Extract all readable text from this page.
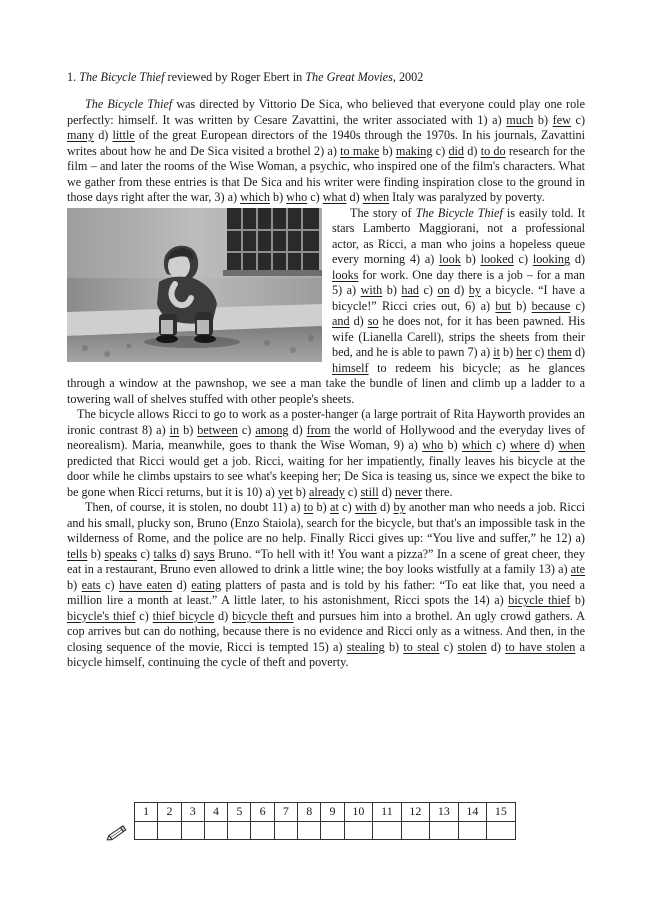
1. The Bicycle Thief reviewed by Roger Ebert in The Great Movies, 2002

The Bicycle Thief was directed by Vittorio De Sica, who believed that everyone could play one role perfectly: himself. It was written by Cesare Zavattini, the writer associated with 1) a) much b) few c) many d) little of the great European directors of the 1940s through the 1970s. In his journals, Zavattini writes about how he and De Sica visited a brothel 2) a) to make b) making c) did d) to do research for the film – and later the rooms of the Wise Woman, a psychic, who inspired one of the film's characters. What we gather from these entries is that De Sica and his writer were finding inspiration close to the ground in those days right after the war, 3) a) which b) who c) what d) when Italy was paralyzed by poverty.

The story of The Bicycle Thief is easily told. It stars Lamberto Maggiorani, not a professional actor, as Ricci, a man who joins a hopeless queue every morning 4) a) look b) looked c) looking d) looks for work. One day there is a job – for a man 5) a) with b) had c) on d) by a bicycle. “I have a bicycle!” Ricci cries out, 6) a) but b) because c) and d) so he does not, for it has been pawned. His wife (Lianella Carell), strips the sheets from their bed, and he is able to pawn 7) a) it b) her c) them d) himself to redeem his bicycle; as he glances through a window at the pawnshop, we see a man take the bundle of linen and climb up a ladder to a towering wall of shelves stuffed with other people's sheets.

The bicycle allows Ricci to go to work as a poster-hanger (a large portrait of Rita Hayworth provides an ironic contrast 8) a) in b) between c) among d) from the world of Hollywood and the everyday lives of neorealism). Maria, meanwhile, goes to thank the Wise Woman, 9) a) who b) which c) where d) when predicted that Ricci would get a job. Ricci, waiting for her impatiently, finally leaves his bicycle at the door while he climbs upstairs to see what's keeping her; De Sica is teasing us, since we expect the bike to be gone when Ricci returns, but it is 10) a) yet b) already c) still d) never there.

Then, of course, it is stolen, no doubt 11) a) to b) at c) with d) by another man who needs a job. Ricci and his small, plucky son, Bruno (Enzo Staiola), search for the bicycle, but that's an impossible task in the wilderness of Rome, and the police are no help. Finally Ricci gives up: “You live and suffer,” he 12) a) tells b) speaks c) talks d) says Bruno. “To hell with it! You want a pizza?” In a scene of great cheer, they eat in a restaurant, Bruno even allowed to drink a little wine; the boy looks wistfully at a family 13) a) ate b) eats c) have eaten d) eating platters of pasta and is told by his father: “To eat like that, you need a million lire a month at least.” A little later, to his astonishment, Ricci spots the 14) a) bicycle thief b) bicycle's thief c) thief bicycle d) bicycle theft and pursues him into a brothel. An ugly crowd gathers. A cop arrives but can do nothing, because there is no evidence and Ricci only as a witness. And then, in the closing sequence of the movie, Ricci is tempted 15) a) stealing b) to steal c) stolen d) to have stolen a bicycle himself, continuing the cycle of theft and poverty.

1	2	3	4	5	6	7	8	9	10	11	12	13	14	15
